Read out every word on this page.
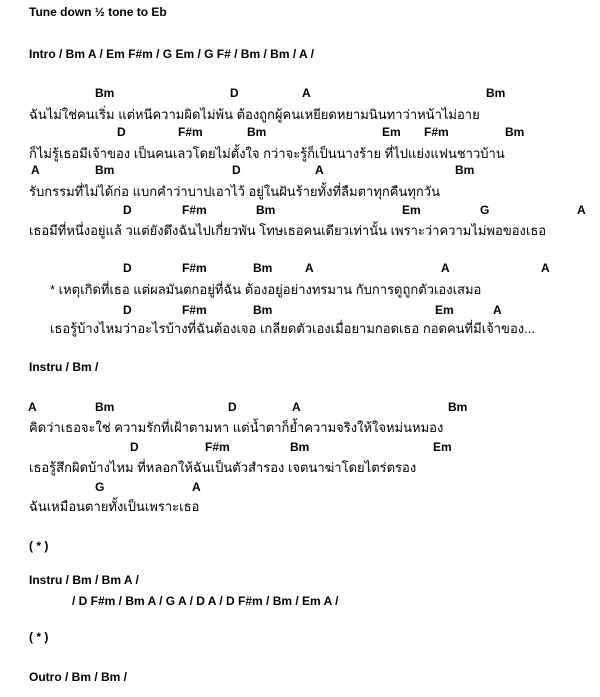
Tune down ½ tone to Eb
Intro / Bm A / Em F#m / G Em / G F# / Bm / Bm / A /
Instru / Bm /
( * )
Instru / Bm / Bm A /
/ D F#m / Bm A / G A / D A / D F#m / Bm / Em A /
( * )
Outro / Bm / Bm /
Bm	D	A	Bm
ฉันไม่ใช่คนเริ่ม แต่หนีความผิดไม่พ้น ต้องถูกผู้คนเหยียดหยามนินทาว่าหน้าไม่อาย
D	F#m	Bm	Em F#m	Bm
ก็ไม่รู้เธอมีเจ้าของ เป็นคนเลวโดยไม่ตั้งใจ กว่าจะรู้ก็เป็นนางร้าย ที่ไปแย่งแฟนชาวบ้าน
A	Bm	D	A	Bm
รับกรรมที่ไม่ได้ก่อ แบกคำว่าบาปเอาไว้ อยู่ในฝันร้ายทั้งที่ลืมตาทุกคืนทุกวัน
D	F#m	Bm	Em	G	A
เธอมีที่หนึ่งอยู่แล้ วแต่ยังดึงฉันไปเกี่ยวพัน โทษเธอคนเดียวเท่านั้น เพราะว่าความไม่พอของเธอ
D	F#m	Bm	A	A	A
* เหตุเกิดที่เธอ แต่ผลมันตกอยู่ที่ฉัน ต้องอยู่อย่างทรมาน กับการดูถูกตัวเองเสมอ
D	F#m	Bm	Em	A
เธอรู้บ้างไหมว่าอะไรบ้างที่ฉันต้องเจอ เกลียดตัวเองเมื่อยามกอดเธอ กอดคนที่มีเจ้าของ...
A	Bm	D	A	Bm
คิดว่าเธอจะใช่ ความรักที่เฝ้าตามหา แต่น้ำตาก็ย้ำความจริงให้ใจหม่นหมอง
D	F#m	Bm	Em
เธอรู้สึกผิดบ้างไหม ที่หลอกให้ฉันเป็นตัวสำรอง เจตนาฆ่าโดยไตร่ตรอง
G	A
ฉันเหมือนตายทั้งเป็นเพราะเธอ
